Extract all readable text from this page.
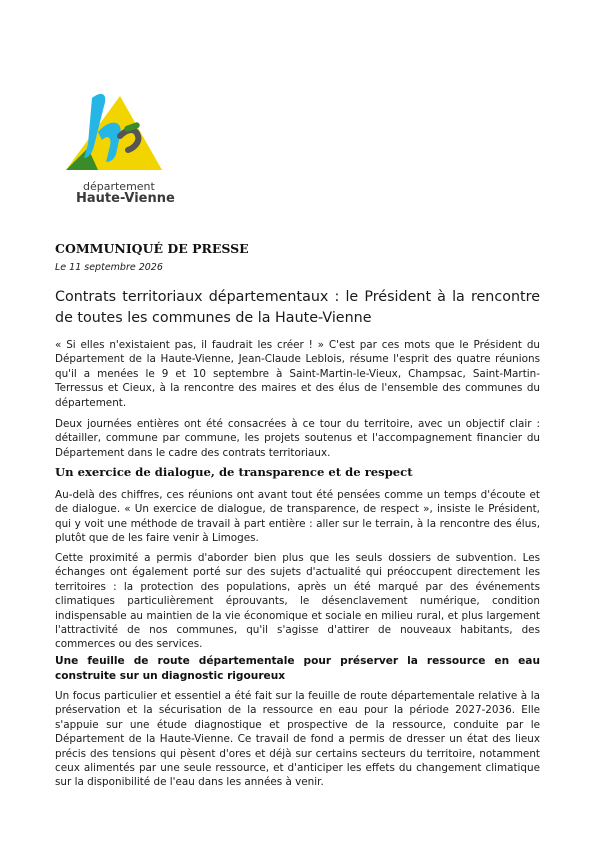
département
Haute-Vienne
COMMUNIQUÉ DE PRESSE
Le 11 septembre 2026
Contrats territoriaux départementaux : le Président à la rencontre de toutes les communes de la Haute-Vienne

« Si elles n'existaient pas, il faudrait les créer ! » C'est par ces mots que le Président du Département de la Haute-Vienne, Jean-Claude Leblois, résume l'esprit des quatre réunions qu'il a menées le 9 et 10 septembre à Saint-Martin-le-Vieux, Champsac, Saint-Martin-Terressus et Cieux, à la rencontre des maires et des élus de l'ensemble des communes du département.

Deux journées entières ont été consacrées à ce tour du territoire, avec un objectif clair : détailler, commune par commune, les projets soutenus et l'accompagnement financier du Département dans le cadre des contrats territoriaux.

Un exercice de dialogue, de transparence et de respect

Au-delà des chiffres, ces réunions ont avant tout été pensées comme un temps d'écoute et de dialogue. « Un exercice de dialogue, de transparence, de respect », insiste le Président, qui y voit une méthode de travail à part entière : aller sur le terrain, à la rencontre des élus, plutôt que de les faire venir à Limoges.

Cette proximité a permis d'aborder bien plus que les seuls dossiers de subvention. Les échanges ont également porté sur des sujets d'actualité qui préoccupent directement les territoires : la protection des populations, après un été marqué par des événements climatiques particulièrement éprouvants, le désenclavement numérique, condition indispensable au maintien de la vie économique et sociale en milieu rural, et plus largement l'attractivité de nos communes, qu'il s'agisse d'attirer de nouveaux habitants, des commerces ou des services.

Une feuille de route départementale pour préserver la ressource en eau construite sur un diagnostic rigoureux

Un focus particulier et essentiel a été fait sur la feuille de route départementale relative à la préservation et la sécurisation de la ressource en eau pour la période 2027-2036. Elle s'appuie sur une étude diagnostique et prospective de la ressource, conduite par le Département de la Haute-Vienne. Ce travail de fond a permis de dresser un état des lieux précis des tensions qui pèsent d'ores et déjà sur certains secteurs du territoire, notamment ceux alimentés par une seule ressource, et d'anticiper les effets du changement climatique sur la disponibilité de l'eau dans les années à venir.
